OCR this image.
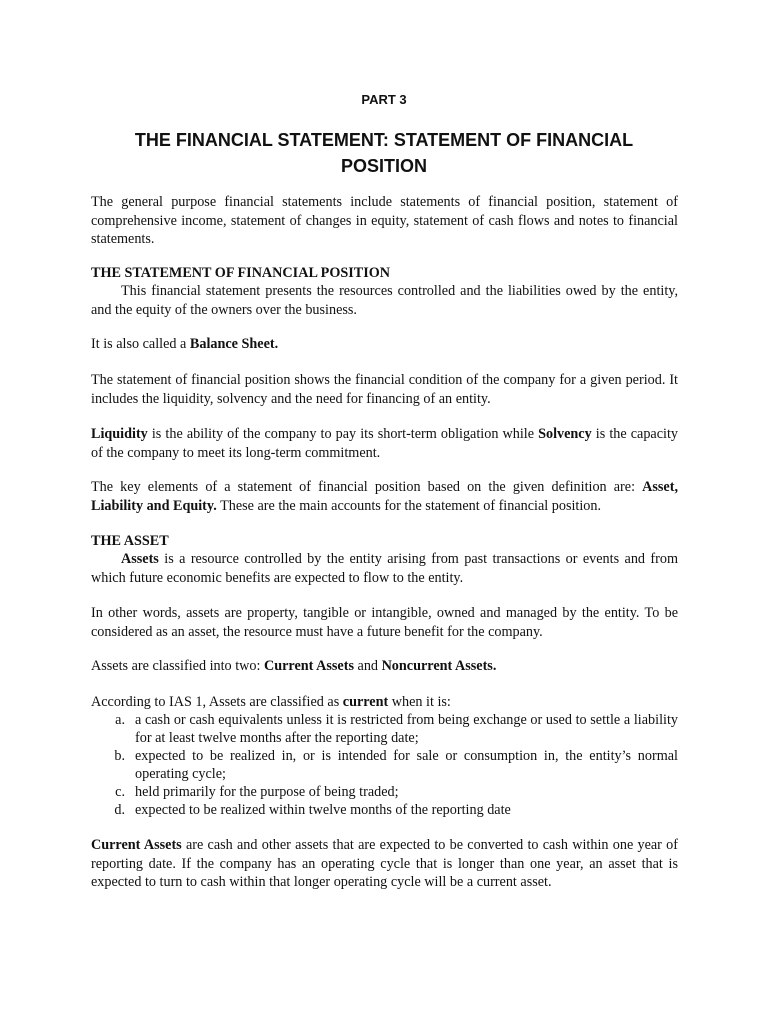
PART 3
THE FINANCIAL STATEMENT: STATEMENT OF FINANCIAL POSITION

The general purpose financial statements include statements of financial position, statement of comprehensive income, statement of changes in equity, statement of cash flows and notes to financial statements.

THE STATEMENT OF FINANCIAL POSITION

This financial statement presents the resources controlled and the liabilities owed by the entity, and the equity of the owners over the business.

It is also called a Balance Sheet.

The statement of financial position shows the financial condition of the company for a given period. It includes the liquidity, solvency and the need for financing of an entity.

Liquidity is the ability of the company to pay its short-term obligation while Solvency is the capacity of the company to meet its long-term commitment.

The key elements of a statement of financial position based on the given definition are: Asset, Liability and Equity. These are the main accounts for the statement of financial position.

THE ASSET

Assets is a resource controlled by the entity arising from past transactions or events and from which future economic benefits are expected to flow to the entity.

In other words, assets are property, tangible or intangible, owned and managed by the entity. To be considered as an asset, the resource must have a future benefit for the company.

Assets are classified into two: Current Assets and Noncurrent Assets.

According to IAS 1, Assets are classified as current when it is:

a. a cash or cash equivalents unless it is restricted from being exchange or used to settle a liability for at least twelve months after the reporting date;
b. expected to be realized in, or is intended for sale or consumption in, the entity’s normal operating cycle;
c. held primarily for the purpose of being traded;
d. expected to be realized within twelve months of the reporting date

Current Assets are cash and other assets that are expected to be converted to cash within one year of reporting date. If the company has an operating cycle that is longer than one year, an asset that is expected to turn to cash within that longer operating cycle will be a current asset.
